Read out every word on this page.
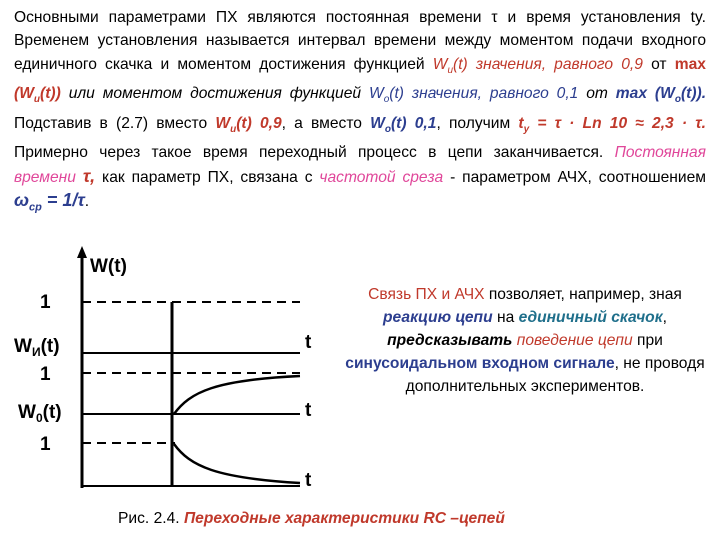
Основными параметрами ПХ являются постоянная времени τ и время установления ty. Временем установления называется интервал времени между моментом подачи входного единичного скачка и моментом достижения функцией $W_u(t)$ значения, равного 0,9 от $\max (W_u(t))$ или моментом достижения функцией $W_o(t)$ значения, равного 0,1 от $\max (W_o(t))$. Подставив в (2.7) вместо $W_u(t)$ 0,9, а вместо $W_o(t)$ 0,1, получим $t_y = \tau \cdot Ln$ 10 ≈ 2,3 · τ. Примерно через такое время переходный процесс в цепи заканчивается. Постоянная времени τ, как параметр ПХ, связана с частотой среза - параметром АЧХ, соотношением $\omega_{ср} = 1/\tau$.

W(t)
1
$W_И(t)$
1
$W_0(t)$
1
t
t
t

Связь ПХ и АЧХ позволяет, например, зная реакцию цепи на единичный скачок, предсказывать поведение цепи при синусоидальном входном сигнале, не проводя дополнительных экспериментов.

Рис. 2.4. Переходные характеристики RC –цепей
